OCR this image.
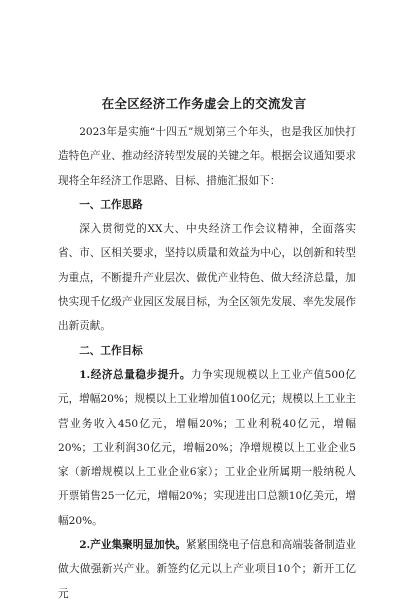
在全区经济工作务虚会上的交流发言

2023年是实施“十四五”规划第三个年头，也是我区加快打造特色产业、推动经济转型发展的关键之年。根据会议通知要求现将全年经济工作思路、目标、措施汇报如下：

一、工作思路

深入贯彻党的XX大、中央经济工作会议精神，全面落实省、市、区相关要求，坚持以质量和效益为中心，以创新和转型为重点，不断提升产业层次、做优产业特色、做大经济总量，加快实现千亿级产业园区发展目标，为全区领先发展、率先发展作出新贡献。

二、工作目标

1.经济总量稳步提升。力争实现规模以上工业产值500亿元，增幅20%；规模以上工业增加值100亿元；规模以上工业主营业务收入450亿元，增幅20%；工业利税40亿元，增幅20%；工业利润30亿元，增幅20%；净增规模以上工业企业5家（新增规模以上工业企业6家）；工业企业所属期一般纳税人开票销售25一亿元，增幅20%；实现进出口总额10亿美元，增幅20%。

2.产业集聚明显加快。紧紧围绕电子信息和高端装备制造业做大做强新兴产业。新签约亿元以上产业项目10个；新开工亿元
